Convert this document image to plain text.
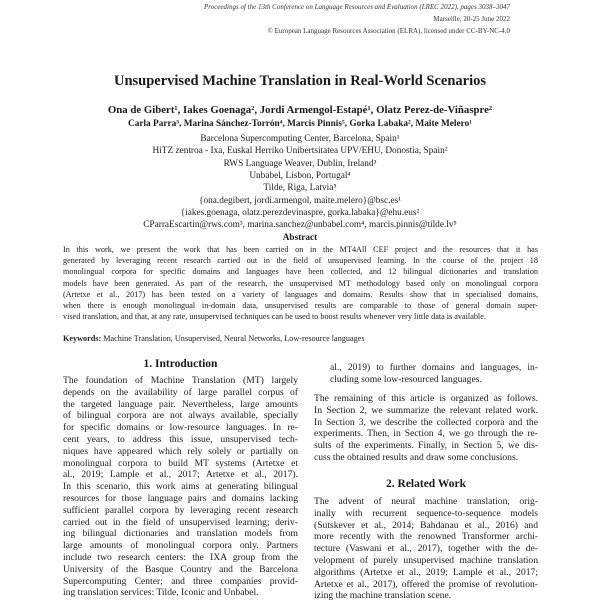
Proceedings of the 13th Conference on Language Resources and Evaluation (LREC 2022), pages 3038–3047
Marseille, 20-25 June 2022
© European Language Resources Association (ELRA), licensed under CC-BY-NC-4.0
Unsupervised Machine Translation in Real-World Scenarios
Ona de Gibert¹, Iakes Goenaga², Jordi Armengol-Estapé¹, Olatz Perez-de-Viñaspre²
Carla Parra³, Marina Sánchez-Torrón⁴, Marcis Pinnis⁵, Gorka Labaka², Maite Melero¹
Barcelona Supercomputing Center, Barcelona, Spain¹
HiTZ zentroa - Ixa, Euskal Herriko Unibertsitatea UPV/EHU, Donostia, Spain²
RWS Language Weaver, Dublin, Ireland³
Unbabel, Lisbon, Portugal⁴
Tilde, Riga, Latvia⁵
{ona.degibert, jordi.armengol, maite.melero}@bsc.es¹
{iakes.goenaga, olatz.perezdevinaspre, gorka.labaka}@ehu.eus²
CParraEscartin@rws.com³, marina.sanchez@unbabel.com⁴, marcis.pinnis@tilde.lv⁵
Abstract
In this work, we present the work that has been carried on in the MT4All CEF project and the resources that it has
generated by leveraging recent research carried out in the field of unsupervised learning. In the course of the project 18
monolingual corpora for specific domains and languages have been collected, and 12 bilingual dictionaries and translation
models have been generated. As part of the research, the unsupervised MT methodology based only on monolingual corpora
(Artetxe et al., 2017) has been tested on a variety of languages and domains. Results show that in specialised domains,
when there is enough monolingual in-domain data, unsupervised results are comparable to those of general domain super-
vised translation, and that, at any rate, unsupervised techniques can be used to boost results whenever very little data is available.
Keywords: Machine Translation, Unsupervised, Neural Networks, Low-resource languages
1. Introduction
The foundation of Machine Translation (MT) largely
depends on the availability of large parallel corpus of
the targeted language pair. Nevertheless, large amounts
of bilingual corpora are not always available, specially
for specific domains or low-resource languages. In re-
cent years, to address this issue, unsupervised tech-
niques have appeared which rely solely or partially on
monolingual corpora to build MT systems (Artetxe et
al., 2019; Lample et al., 2017; Artetxe et al., 2017).
In this scenario, this work aims at generating bilingual
resources for those language pairs and domains lacking
sufficient parallel corpora by leveraging recent research
carried out in the field of unsupervised learning; deriv-
ing bilingual dictionaries and translation models from
large amounts of monolingual corpora only. Partners
include two research centers: the IXA group from the
University of the Basque Country and the Barcelona
Supercomputing Center; and three companies provid-
ing translation services: Tilde, Iconic and Unbabel.
al., 2019) to further domains and languages, in-
cluding some low-resourced languages.
The remaining of this article is organized as follows.
In Section 2, we summarize the relevant related work.
In Section 3, we describe the collected corpora and the
experiments. Then, in Section 4, we go through the re-
sults of the experiments. Finally, in Section 5, we dis-
cuss the obtained results and draw some conclusions.
2. Related Work
The advent of neural machine translation, orig-
inally with recurrent sequence-to-sequence models
(Sutskever et al., 2014; Bahdanau et al., 2016) and
more recently with the renowned Transformer archi-
tecture (Vaswani et al., 2017), together with the de-
velopment of purely unsupervised machine translation
algorithms (Artetxe et al., 2019; Lample et al., 2017;
Artetxe et al., 2017), offered the promise of revolution-
izing the machine translation scene.
